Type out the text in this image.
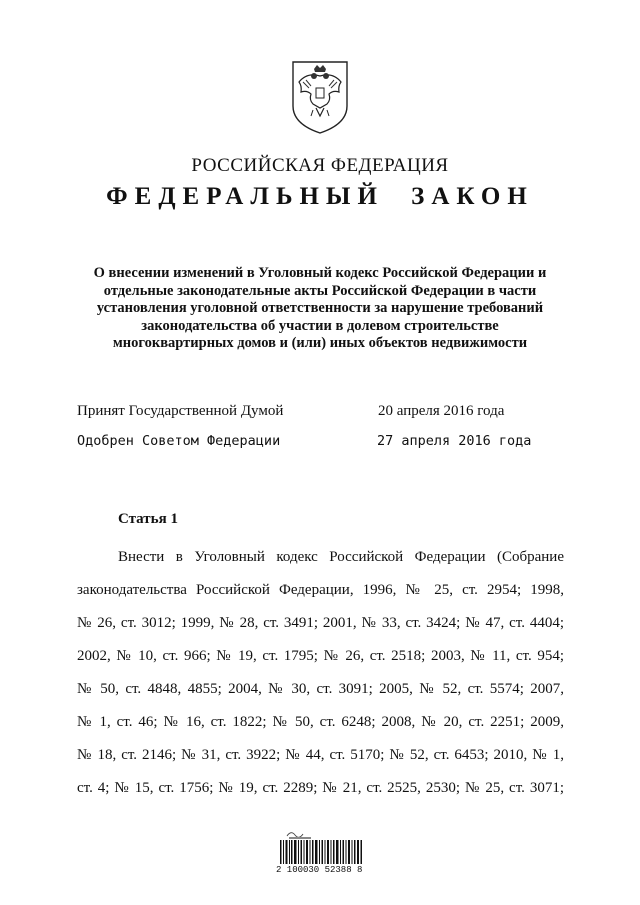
РОССИЙСКАЯ ФЕДЕРАЦИЯ
ФЕДЕРАЛЬНЫЙ ЗАКОН
О внесении изменений в Уголовный кодекс Российской Федерации и
отдельные законодательные акты Российской Федерации в части
установления уголовной ответственности за нарушение требований
законодательства об участии в долевом строительстве
многоквартирных домов и (или) иных объектов недвижимости
Принят Государственной Думой	20 апреля 2016 года
Одобрен Советом Федерации	27 апреля 2016 года
Статья 1
Внести в Уголовный кодекс Российской Федерации (Собрание
законодательства Российской Федерации, 1996, № 25, ст. 2954; 1998,
№ 26, ст. 3012; 1999, № 28, ст. 3491; 2001, № 33, ст. 3424; № 47, ст. 4404;
2002, № 10, ст. 966; № 19, ст. 1795; № 26, ст. 2518; 2003, № 11, ст. 954;
№ 50, ст. 4848, 4855; 2004, № 30, ст. 3091; 2005, № 52, ст. 5574; 2007,
№ 1, ст. 46; № 16, ст. 1822; № 50, ст. 6248; 2008, № 20, ст. 2251; 2009,
№ 18, ст. 2146; № 31, ст. 3922; № 44, ст. 5170; № 52, ст. 6453; 2010, № 1,
ст. 4; № 15, ст. 1756; № 19, ст. 2289; № 21, ст. 2525, 2530; № 25, ст. 3071;
2 100030 52388 8
